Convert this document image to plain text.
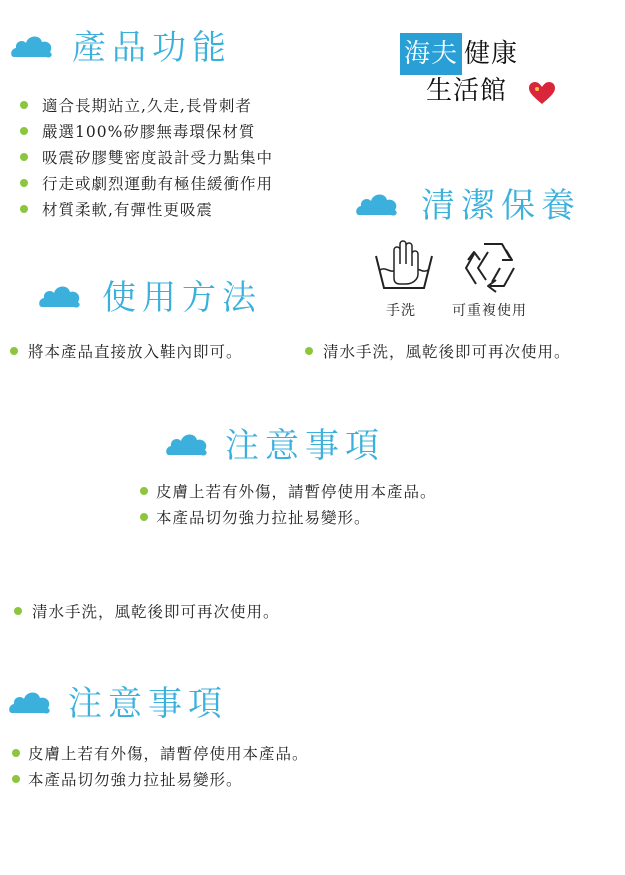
產品功能
適合長期站立,久走,長骨刺者
嚴選100%矽膠無毒環保材質
吸震矽膠雙密度設計受力點集中
行走或劇烈運動有極佳緩衝作用
材質柔軟,有彈性更吸震
海夫 健康
生活館
清潔保養
手洗	可重複使用
使用方法
將本產品直接放入鞋內即可。	清水手洗，風乾後即可再次使用。
注意事項
皮膚上若有外傷，請暫停使用本產品。
本產品切勿強力拉扯易變形。
清水手洗，風乾後即可再次使用。
注意事項
皮膚上若有外傷，請暫停使用本產品。
本產品切勿強力拉扯易變形。
